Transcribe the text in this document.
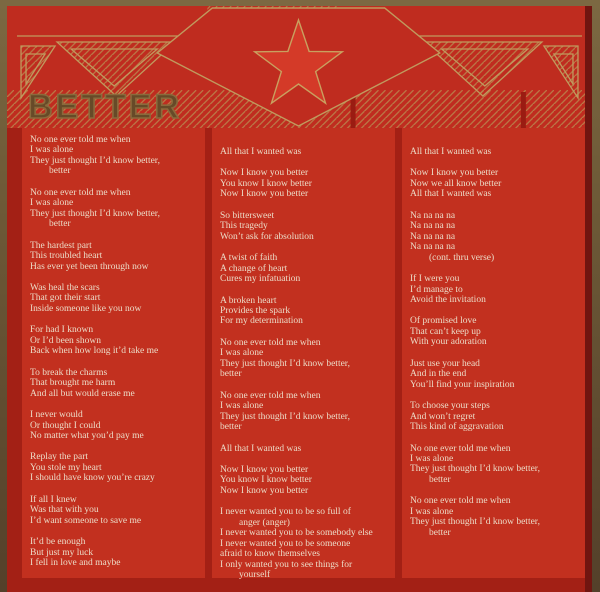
BETTER
No one ever told me when
I was alone
They just thought I’d know better,
better
No one ever told me when
I was alone
They just thought I’d know better,
better
The hardest part
This troubled heart
Has ever yet been through now
Was heal the scars
That got their start
Inside someone like you now
For had I known
Or I’d been shown
Back when how long it’d take me
To break the charms
That brought me harm
And all but would erase me
I never would
Or thought I could
No matter what you’d pay me
Replay the part
You stole my heart
I should have know you’re crazy
If all I knew
Was that with you
I’d want someone to save me
It’d be enough
But just my luck
I fell in love and maybe
All that I wanted was
Now I know you better
You know I know better
Now I know you better
So bittersweet
This tragedy
Won’t ask for absolution
A twist of faith
A change of heart
Cures my infatuation
A broken heart
Provides the spark
For my determination
No one ever told me when
I was alone
They just thought I’d know better,
better
No one ever told me when
I was alone
They just thought I’d know better,
better
All that I wanted was
Now I know you better
You know I know better
Now I know you better
I never wanted you to be so full of
anger (anger)
I never wanted you to be somebody else
I never wanted you to be someone
afraid to know themselves
I only wanted you to see things for
yourself
All that I wanted was
Now I know you better
Now we all know better
All that I wanted was
Na na na na
Na na na na
Na na na na
Na na na na
(cont. thru verse)
If I were you
I’d manage to
Avoid the invitation
Of promised love
That can’t keep up
With your adoration
Just use your head
And in the end
You’ll find your inspiration
To choose your steps
And won’t regret
This kind of aggravation
No one ever told me when
I was alone
They just thought I’d know better,
better
No one ever told me when
I was alone
They just thought I’d know better,
better
